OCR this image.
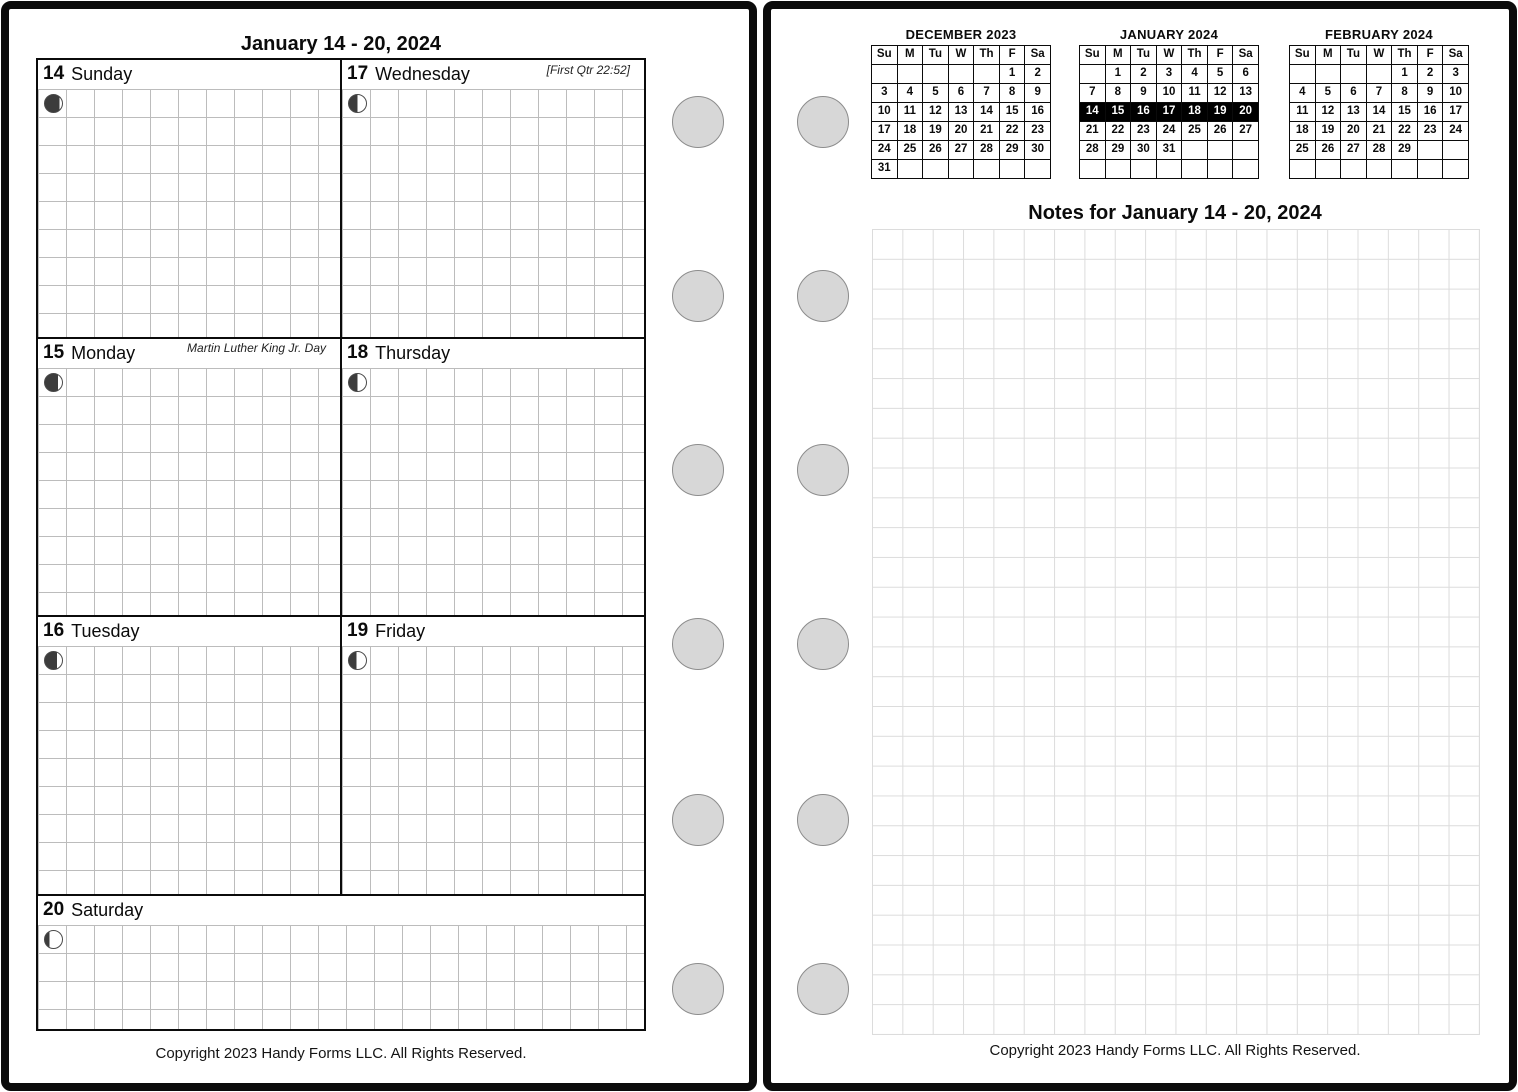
January 14 - 20, 2024
14 Sunday	17 Wednesday	[First Qtr 22:52]
15 Monday	Martin Luther King Jr. Day	18 Thursday
16 Tuesday	19 Friday
20 Saturday
Copyright 2023 Handy Forms LLC. All Rights Reserved.
DECEMBER 2023
Su	M	Tu	W	Th	F	Sa
					1	2
3	4	5	6	7	8	9
10	11	12	13	14	15	16
17	18	19	20	21	22	23
24	25	26	27	28	29	30
31						
JANUARY 2024
Su	M	Tu	W	Th	F	Sa
	1	2	3	4	5	6
7	8	9	10	11	12	13
14	15	16	17	18	19	20
21	22	23	24	25	26	27
28	29	30	31			

FEBRUARY 2024
Su	M	Tu	W	Th	F	Sa
				1	2	3
4	5	6	7	8	9	10
11	12	13	14	15	16	17
18	19	20	21	22	23	24
25	26	27	28	29		

Notes for January 14 - 20, 2024
Copyright 2023 Handy Forms LLC. All Rights Reserved.
